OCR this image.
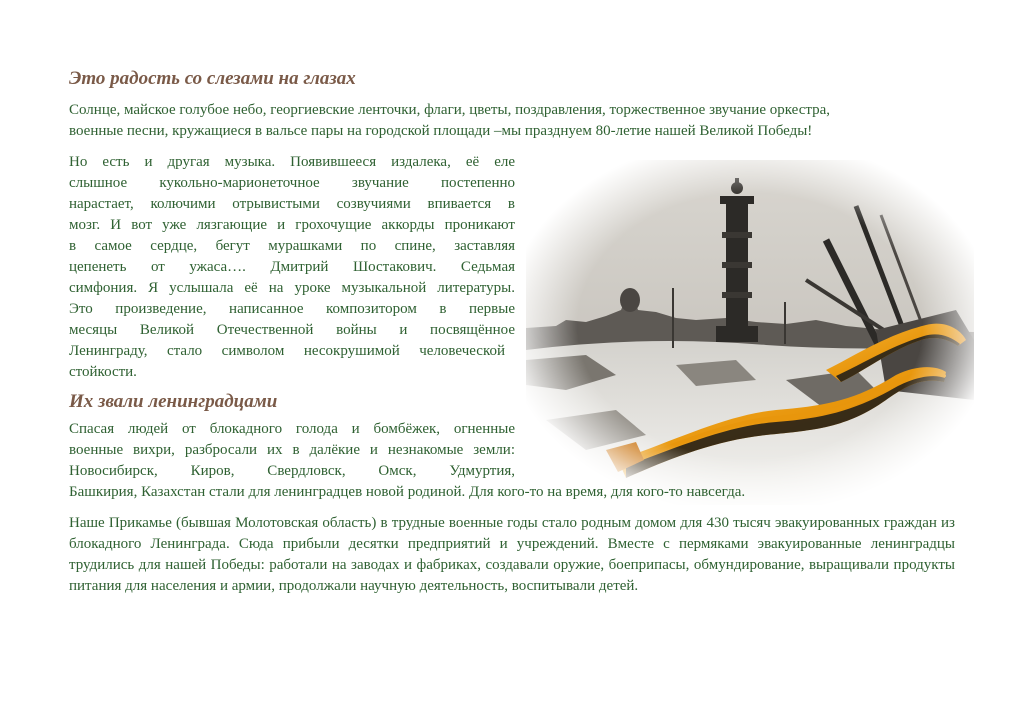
Это радость со слезами на глазах

Солнце, майское голубое небо, георгиевские ленточки, флаги, цветы, поздравления, торжественное звучание оркестра,
военные песни, кружащиеся в вальсе пары на городской площади –мы празднуем 80-летие нашей Великой Победы!

Но есть и другая музыка. Появившееся издалека, её еле
слышное кукольно-марионеточное звучание постепенно
нарастает, колючими отрывистыми созвучиями впивается в
мозг. И вот уже лязгающие и грохочущие аккорды проникают
в самое сердце, бегут мурашками по спине, заставляя
цепенеть от ужаса…. Дмитрий Шостакович. Седьмая
симфония. Я услышала её на уроке музыкальной литературы.
Это произведение, написанное композитором в первые
месяцы Великой Отечественной войны и посвящённое
Ленинграду, стало символом несокрушимой человеческой
стойкости.

Их звали ленинградцами

Спасая людей от блокадного голода и бомбёжек, огненные
военные вихри, разбросали их в далёкие и незнакомые земли:
Новосибирск, Киров, Свердловск, Омск, Удмуртия,
Башкирия, Казахстан стали для ленинградцев новой родиной. Для кого-то на время, для кого-то навсегда.

Наше Прикамье (бывшая Молотовская область) в трудные военные годы стало родным домом для 430 тысяч эвакуированных граждан из блокадного Ленинграда. Сюда прибыли десятки предприятий и учреждений. Вместе с пермяками эвакуированные ленинградцы трудились для нашей Победы: работали на заводах и фабриках, создавали оружие, боеприпасы, обмундирование, выращивали продукты питания для населения и армии, продолжали научную деятельность, воспитывали детей.
